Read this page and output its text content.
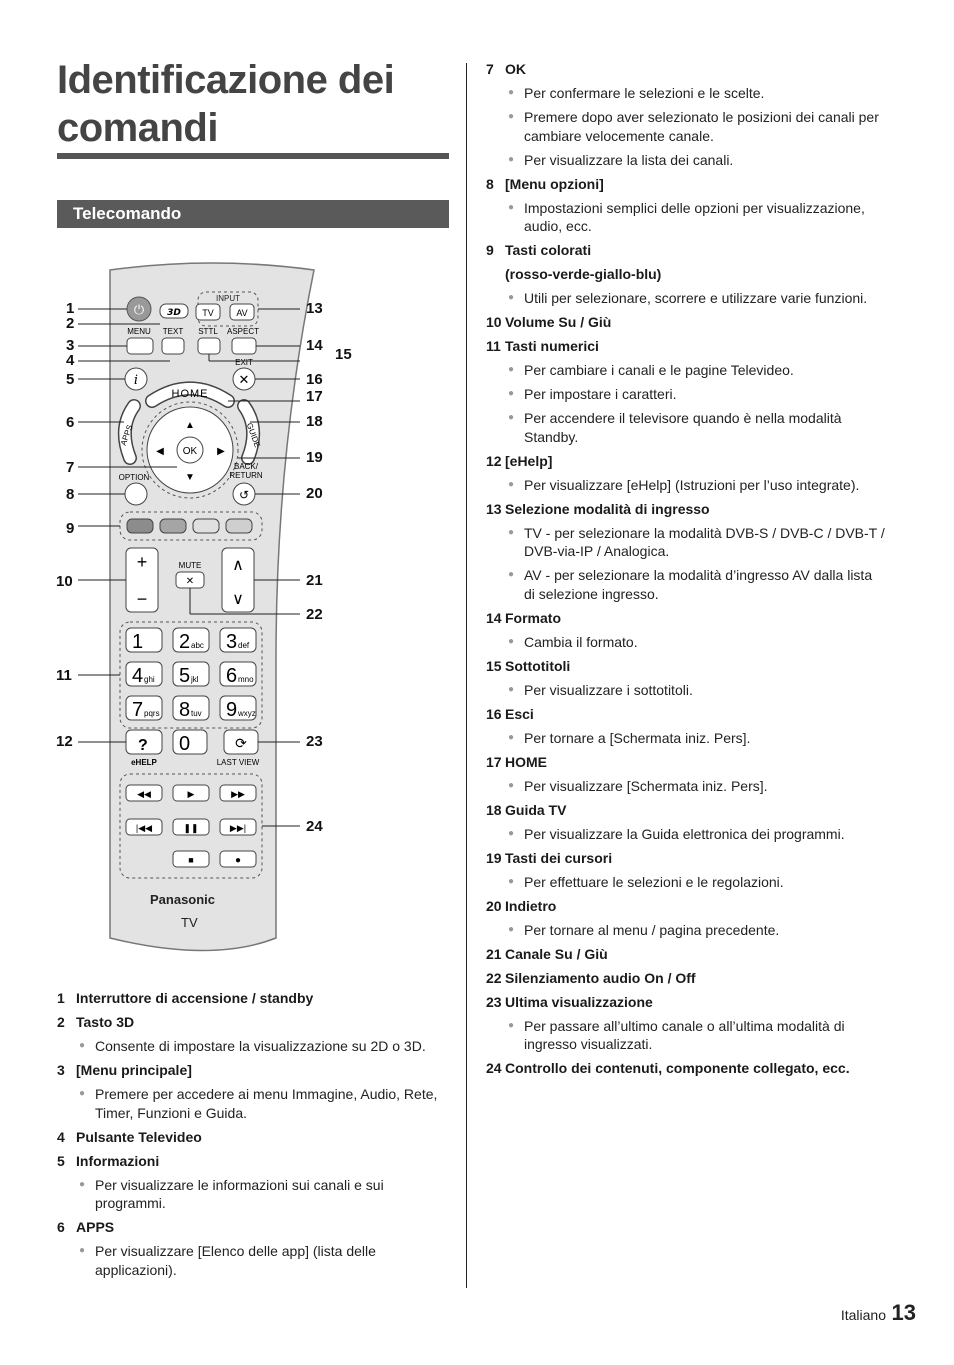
Identificazione dei comandi
Telecomando
⏻	3D
INPUT
TV	AV
MENU TEXT STTL ASPECT
i
EXIT
✕
HOME
APPS	GUIDE
▲
▼
◀	▶
OK
OPTION
BACK/
RETURN
↺
+
−
MUTE
✕
∧
∨
1 2 abc 3 def
4 ghi 5 jkl 6 mno
7 pqrs 8 tuv 9 wxyz
? 0
eHELP
⟳
LAST VIEW
◀◀	▶	▶▶
|◀◀	❚❚	▶▶|
■	●
1
2
3
4
5
6
7
8
9
10
11
12
13
14
15
16
17
18
19
20
21
22
23
24
Panasonic
TV
1 Interruttore di accensione / standby
2 Tasto 3D
● Consente di impostare la visualizzazione su 2D o 3D.
3 [Menu principale]
● Premere per accedere ai menu Immagine, Audio, Rete, Timer, Funzioni e Guida.
4 Pulsante Televideo
5 Informazioni
● Per visualizzare le informazioni sui canali e sui programmi.
6 APPS
● Per visualizzare [Elenco delle app] (lista delle applicazioni).
7 OK
● Per confermare le selezioni e le scelte.
● Premere dopo aver selezionato le posizioni dei canali per cambiare velocemente canale.
● Per visualizzare la lista dei canali.
8 [Menu opzioni]
● Impostazioni semplici delle opzioni per visualizzazione, audio, ecc.
9 Tasti colorati
(rosso-verde-giallo-blu)
● Utili per selezionare, scorrere e utilizzare varie funzioni.
10 Volume Su / Giù
11 Tasti numerici
● Per cambiare i canali e le pagine Televideo.
● Per impostare i caratteri.
● Per accendere il televisore quando è nella modalità Standby.
12 [eHelp]
● Per visualizzare [eHelp] (Istruzioni per l’uso integrate).
13 Selezione modalità di ingresso
● TV - per selezionare la modalità DVB-S / DVB-C / DVB-T / DVB-via-IP / Analogica.
● AV - per selezionare la modalità d’ingresso AV dalla lista di selezione ingresso.
14 Formato
● Cambia il formato.
15 Sottotitoli
● Per visualizzare i sottotitoli.
16 Esci
● Per tornare a [Schermata iniz. Pers].
17 HOME
● Per visualizzare [Schermata iniz. Pers].
18 Guida TV
● Per visualizzare la Guida elettronica dei programmi.
19 Tasti dei cursori
● Per effettuare le selezioni e le regolazioni.
20 Indietro
● Per tornare al menu / pagina precedente.
21 Canale Su / Giù
22 Silenziamento audio On / Off
23 Ultima visualizzazione
● Per passare all’ultimo canale o all’ultima modalità di ingresso visualizzati.
24 Controllo dei contenuti, componente collegato, ecc.
Italiano 13
